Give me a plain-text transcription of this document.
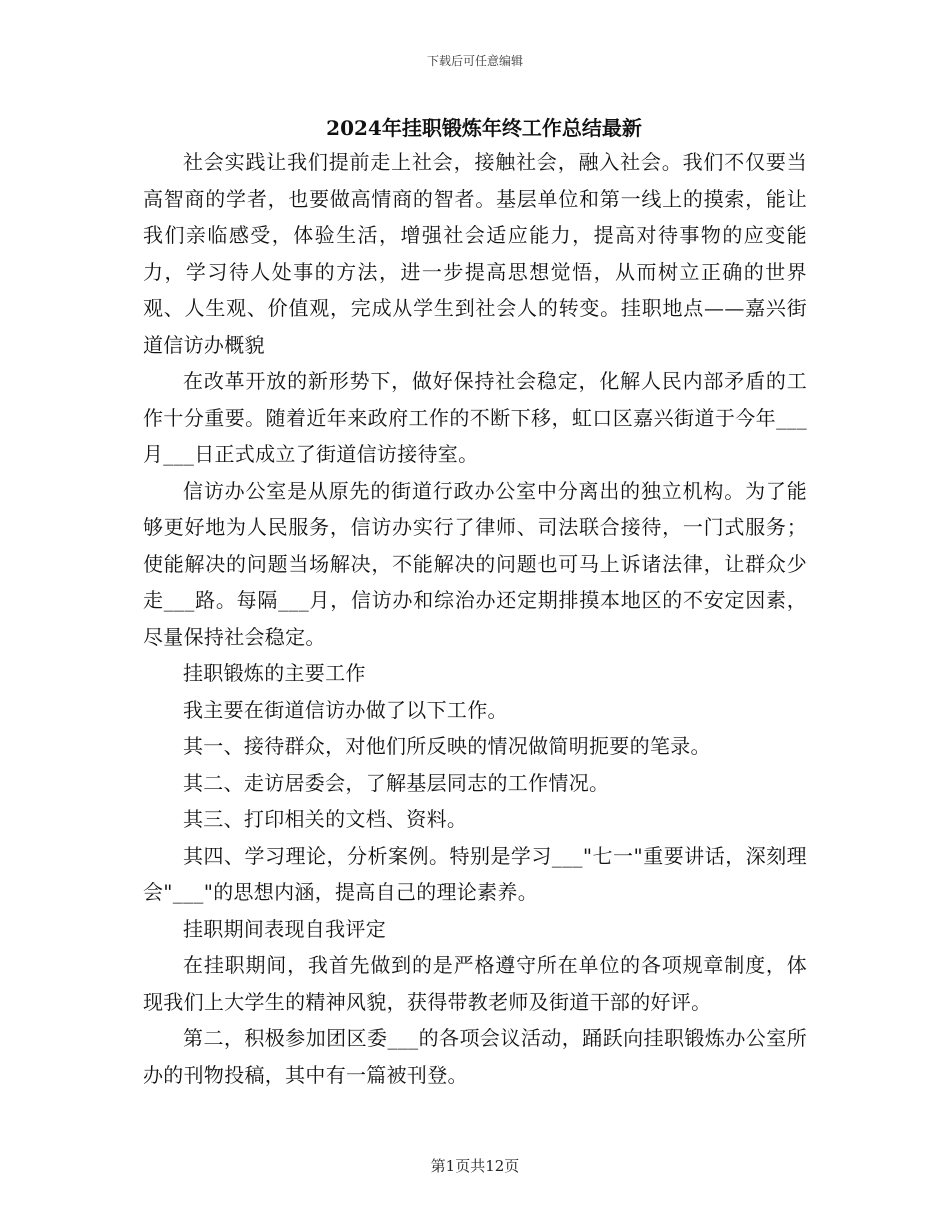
下载后可任意编辑
2024年挂职锻炼年终工作总结最新

社会实践让我们提前走上社会，接触社会，融入社会。我们不仅要当高智商的学者，也要做高情商的智者。基层单位和第一线上的摸索，能让我们亲临感受，体验生活，增强社会适应能力，提高对待事物的应变能力，学习待人处事的方法，进一步提高思想觉悟，从而树立正确的世界观、人生观、价值观，完成从学生到社会人的转变。挂职地点——嘉兴街道信访办概貌

在改革开放的新形势下，做好保持社会稳定，化解人民内部矛盾的工作十分重要。随着近年来政府工作的不断下移，虹口区嘉兴街道于今年___月___日正式成立了街道信访接待室。

信访办公室是从原先的街道行政办公室中分离出的独立机构。为了能够更好地为人民服务，信访办实行了律师、司法联合接待，一门式服务；使能解决的问题当场解决，不能解决的问题也可马上诉诸法律，让群众少走___路。每隔___月，信访办和综治办还定期排摸本地区的不安定因素，尽量保持社会稳定。

挂职锻炼的主要工作

我主要在街道信访办做了以下工作。

其一、接待群众，对他们所反映的情况做简明扼要的笔录。

其二、走访居委会，了解基层同志的工作情况。

其三、打印相关的文档、资料。

其四、学习理论，分析案例。特别是学习___"七一"重要讲话，深刻理会"___"的思想内涵，提高自己的理论素养。

挂职期间表现自我评定

在挂职期间，我首先做到的是严格遵守所在单位的各项规章制度，体现我们上大学生的精神风貌，获得带教老师及街道干部的好评。

第二，积极参加团区委___的各项会议活动，踊跃向挂职锻炼办公室所办的刊物投稿，其中有一篇被刊登。

第1页共12页
